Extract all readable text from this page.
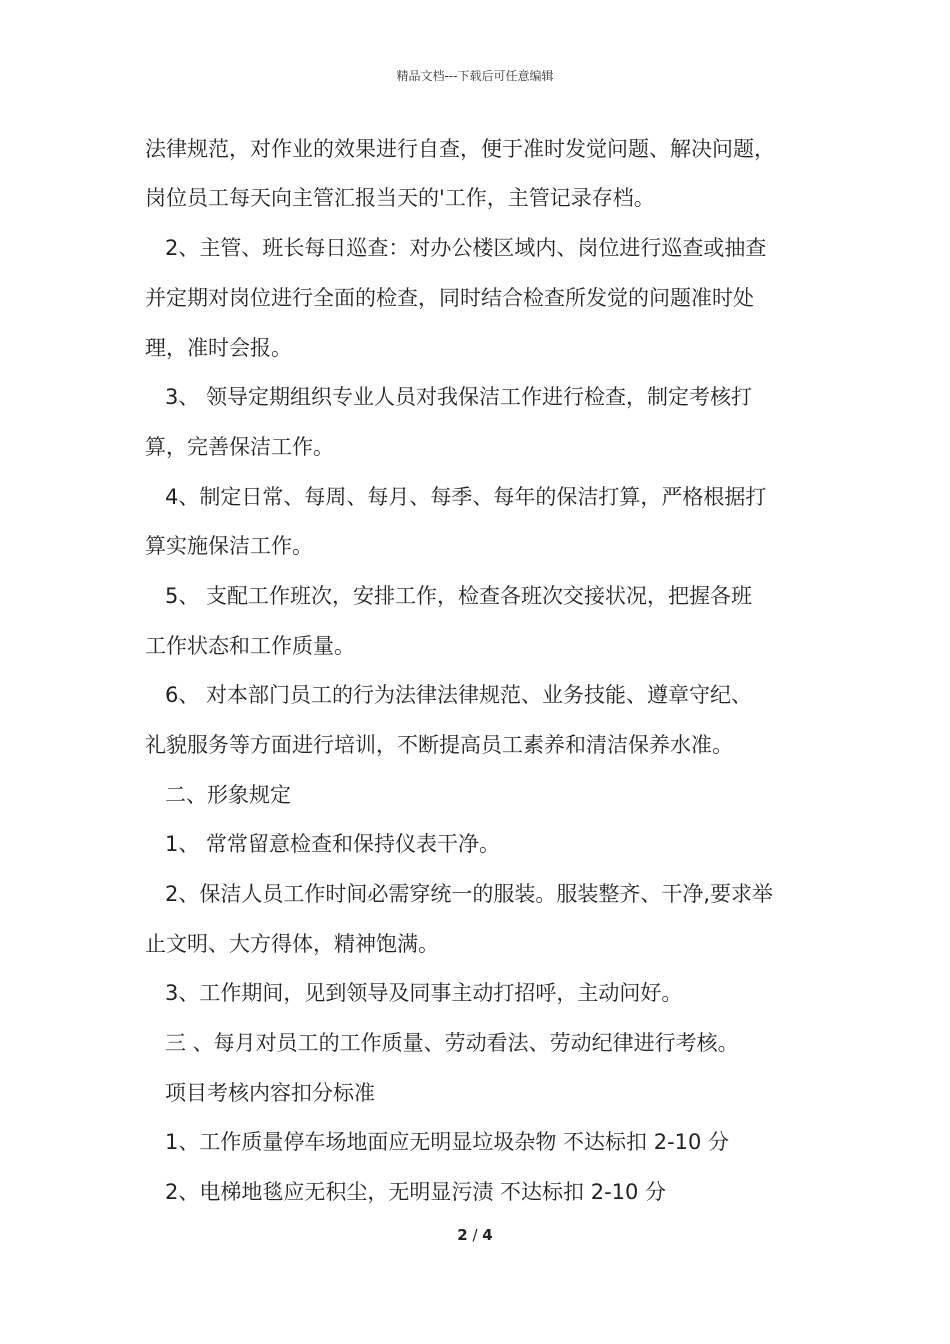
精品文档---下载后可任意编辑
法律规范，对作业的效果进行自查，便于准时发觉问题、解决问题，
岗位员工每天向主管汇报当天的'工作，主管记录存档。
2、主管、班长每日巡查：对办公楼区域内、岗位进行巡查或抽查
并定期对岗位进行全面的检查，同时结合检查所发觉的问题准时处
理，准时会报。
3、 领导定期组织专业人员对我保洁工作进行检查，制定考核打
算，完善保洁工作。
4、制定日常、每周、每月、每季、每年的保洁打算，严格根据打
算实施保洁工作。
5、 支配工作班次，安排工作，检查各班次交接状况，把握各班
工作状态和工作质量。
6、 对本部门员工的行为法律法律规范、业务技能、遵章守纪、
礼貌服务等方面进行培训，不断提高员工素养和清洁保养水准。
二、形象规定
1、 常常留意检查和保持仪表干净。
2、保洁人员工作时间必需穿统一的服装。服装整齐、干净,要求举
止文明、大方得体，精神饱满。
3、工作期间，见到领导及同事主动打招呼，主动问好。
三 、每月对员工的工作质量、劳动看法、劳动纪律进行考核。
项目考核内容扣分标准
1、工作质量停车场地面应无明显垃圾杂物 不达标扣 2-10 分
2、电梯地毯应无积尘，无明显污渍 不达标扣 2-10 分
2 / 4
